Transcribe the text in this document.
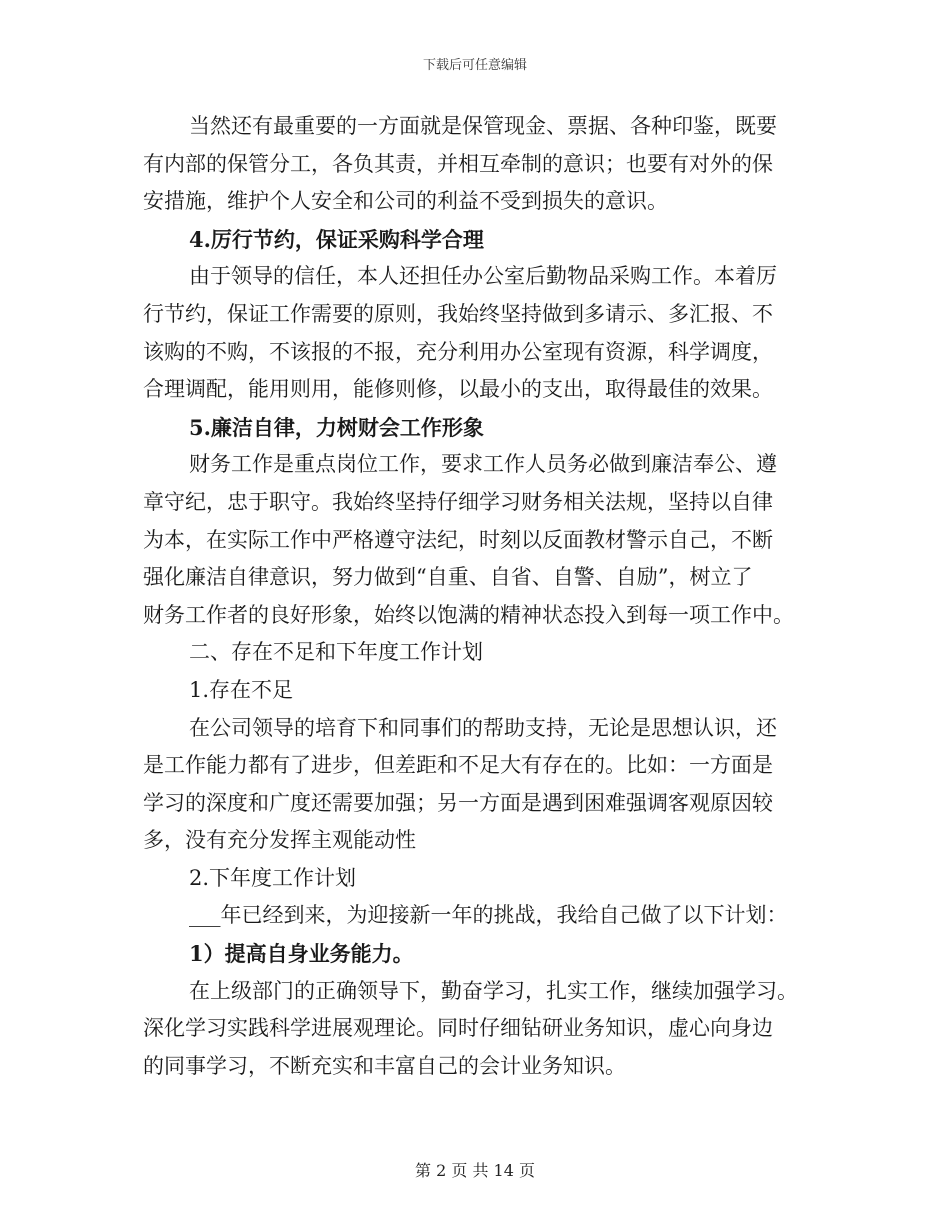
下载后可任意编辑
当然还有最重要的一方面就是保管现金、票据、各种印鉴，既要
有内部的保管分工，各负其责，并相互牵制的意识；也要有对外的保
安措施，维护个人安全和公司的利益不受到损失的意识。
4.厉行节约，保证采购科学合理
由于领导的信任，本人还担任办公室后勤物品采购工作。本着厉
行节约，保证工作需要的原则，我始终坚持做到多请示、多汇报、不
该购的不购，不该报的不报，充分利用办公室现有资源，科学调度，
合理调配，能用则用，能修则修，以最小的支出，取得最佳的效果。
5.廉洁自律，力树财会工作形象
财务工作是重点岗位工作，要求工作人员务必做到廉洁奉公、遵
章守纪，忠于职守。我始终坚持仔细学习财务相关法规，坚持以自律
为本，在实际工作中严格遵守法纪，时刻以反面教材警示自己，不断
强化廉洁自律意识，努力做到“自重、自省、自警、自励”，树立了
财务工作者的良好形象，始终以饱满的精神状态投入到每一项工作中。
二、存在不足和下年度工作计划
1.存在不足
在公司领导的培育下和同事们的帮助支持，无论是思想认识，还
是工作能力都有了进步，但差距和不足大有存在的。比如：一方面是
学习的深度和广度还需要加强；另一方面是遇到困难强调客观原因较
多，没有充分发挥主观能动性
2.下年度工作计划
___年已经到来，为迎接新一年的挑战，我给自己做了以下计划：
1）提高自身业务能力。
在上级部门的正确领导下，勤奋学习，扎实工作，继续加强学习。
深化学习实践科学进展观理论。同时仔细钻研业务知识，虚心向身边
的同事学习，不断充实和丰富自己的会计业务知识。
第 2 页 共 14 页
